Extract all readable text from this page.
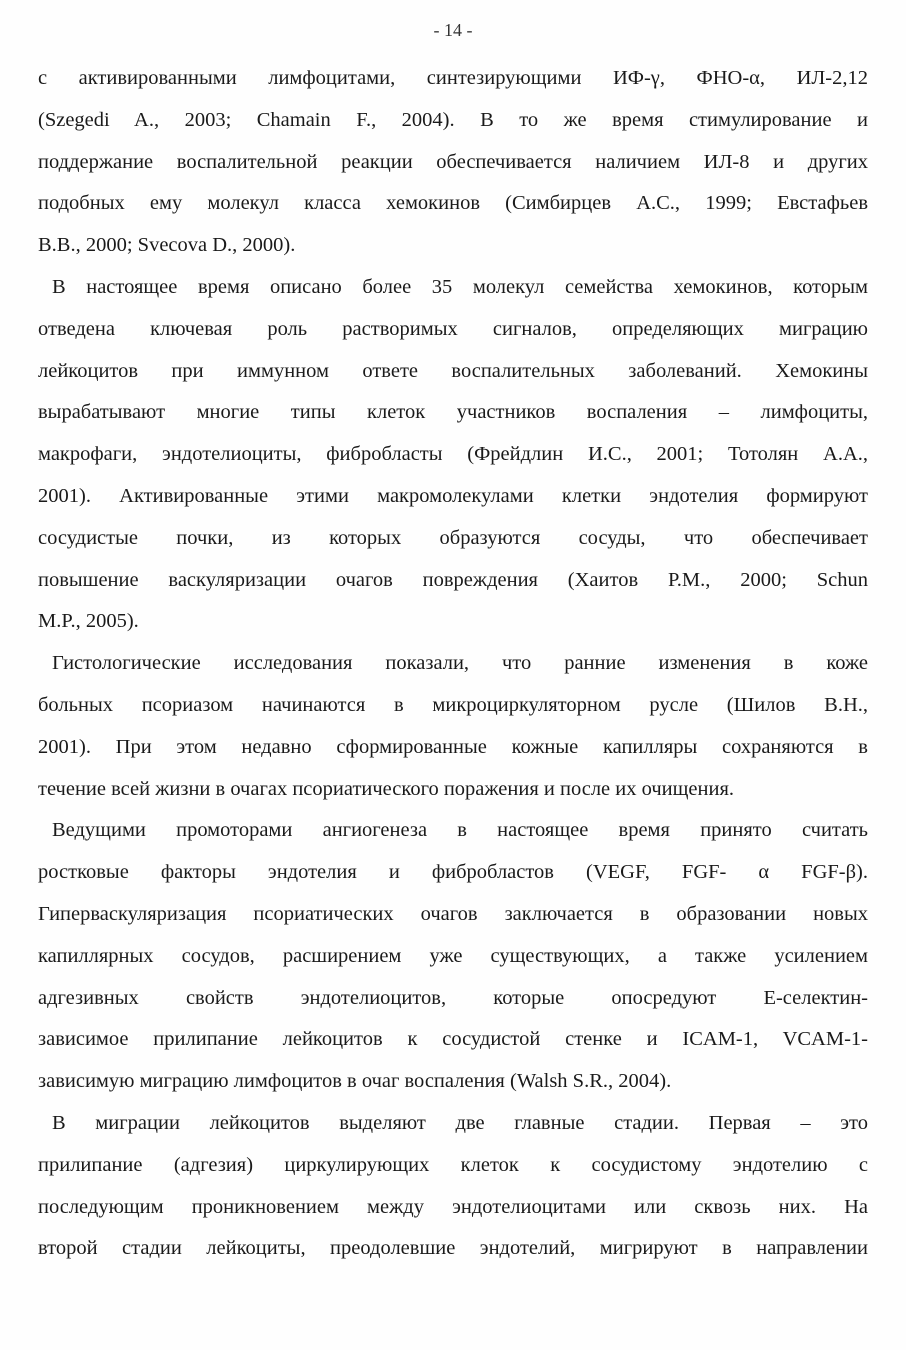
- 14 -
с активированными лимфоцитами, синтезирующими ИФ-γ, ФНО-α, ИЛ-2,12
(Szegedi A., 2003; Chamain F., 2004). В то же время стимулирование и
поддержание воспалительной реакции обеспечивается наличием ИЛ-8 и других
подобных ему молекул класса хемокинов (Симбирцев А.С., 1999; Евстафьев
В.В., 2000; Svecova D., 2000).
В настоящее время описано более 35 молекул семейства хемокинов, которым
отведена ключевая роль растворимых сигналов, определяющих миграцию
лейкоцитов при иммунном ответе воспалительных заболеваний. Хемокины
вырабатывают многие типы клеток участников воспаления – лимфоциты,
макрофаги, эндотелиоциты, фибробласты (Фрейдлин И.С., 2001; Тотолян А.А.,
2001). Активированные этими макромолекулами клетки эндотелия формируют
сосудистые почки, из которых образуются сосуды, что обеспечивает
повышение васкуляризации очагов повреждения (Хаитов Р.М., 2000; Schun
M.P., 2005).
Гистологические исследования показали, что ранние изменения в коже
больных псориазом начинаются в микроциркуляторном русле (Шилов В.Н.,
2001). При этом недавно сформированные кожные капилляры сохраняются в
течение всей жизни в очагах псориатического поражения и после их очищения.
Ведущими промоторами ангиогенеза в настоящее время принято считать
ростковые факторы эндотелия и фибробластов (VEGF, FGF- α FGF-β).
Гиперваскуляризация псориатических очагов заключается в образовании новых
капиллярных сосудов, расширением уже существующих, а также усилением
адгезивных свойств эндотелиоцитов, которые опосредуют Е-селектин-
зависимое прилипание лейкоцитов к сосудистой стенке и ICAM-1, VCAM-1-
зависимую миграцию лимфоцитов в очаг воспаления (Walsh S.R., 2004).
В миграции лейкоцитов выделяют две главные стадии. Первая – это
прилипание (адгезия) циркулирующих клеток к сосудистому эндотелию с
последующим проникновением между эндотелиоцитами или сквозь них. На
второй стадии лейкоциты, преодолевшие эндотелий, мигрируют в направлении
